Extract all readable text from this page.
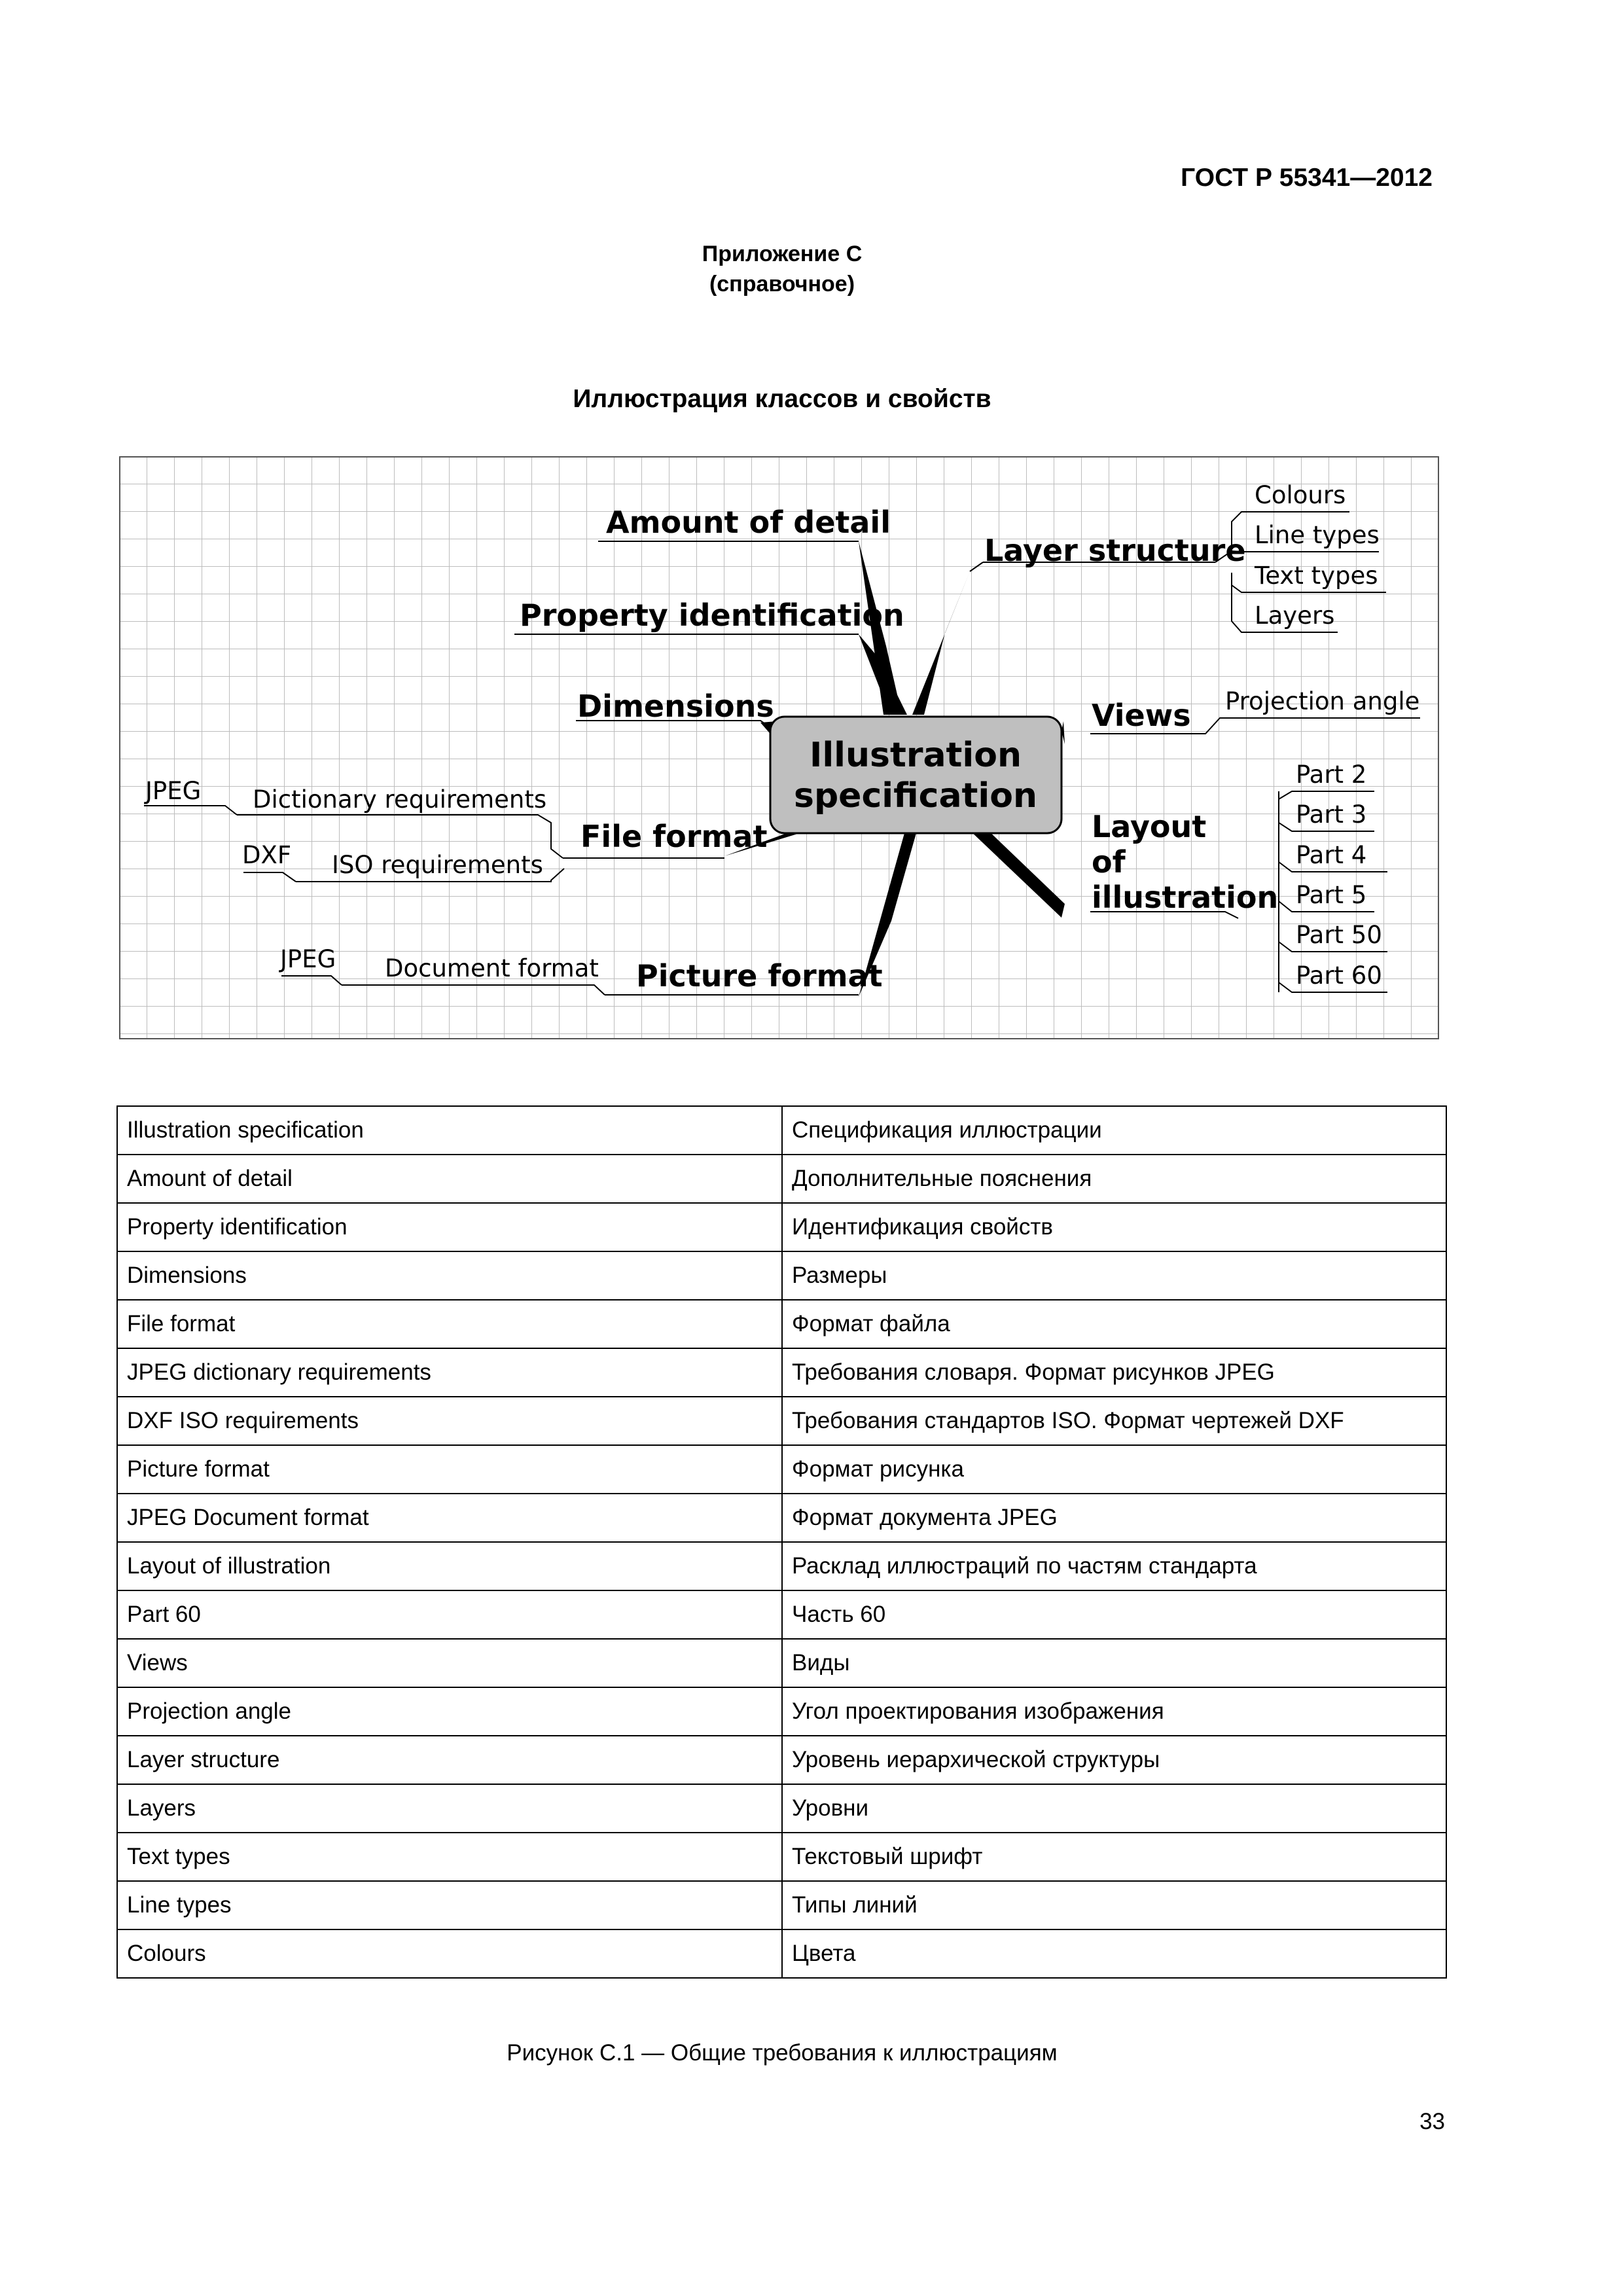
ГОСТ Р 55341—2012
Приложение С
(справочное)
Иллюстрация классов и свойств
Illustration
specification
Amount of detail
Property identification
Dimensions
File format
Dictionary requirements
JPEG
ISO requirements
DXF
Picture format
Document format
JPEG
Layer structure
Colours
Line types
Text types
Layers
Views Projection angle
Layout
of
illustration
Part 2
Part 3
Part 4
Part 5
Part 50
Part 60
Illustration specification	Спецификация иллюстрации
Amount of detail	Дополнительные пояснения
Property identification	Идентификация свойств
Dimensions	Размеры
File format	Формат файла
JPEG dictionary requirements	Требования словаря. Формат рисунков JPEG
DXF ISO requirements	Требования стандартов ISO. Формат чертежей DXF
Picture format	Формат рисунка
JPEG Document format	Формат документа JPEG
Layout of illustration	Расклад иллюстраций по частям стандарта
Part 60	Часть 60
Views	Виды
Projection angle	Угол проектирования изображения
Layer structure	Уровень иерархической структуры
Layers	Уровни
Text types	Текстовый шрифт
Line types	Типы линий
Colours	Цвета
Рисунок С.1 — Общие требования к иллюстрациям
33
